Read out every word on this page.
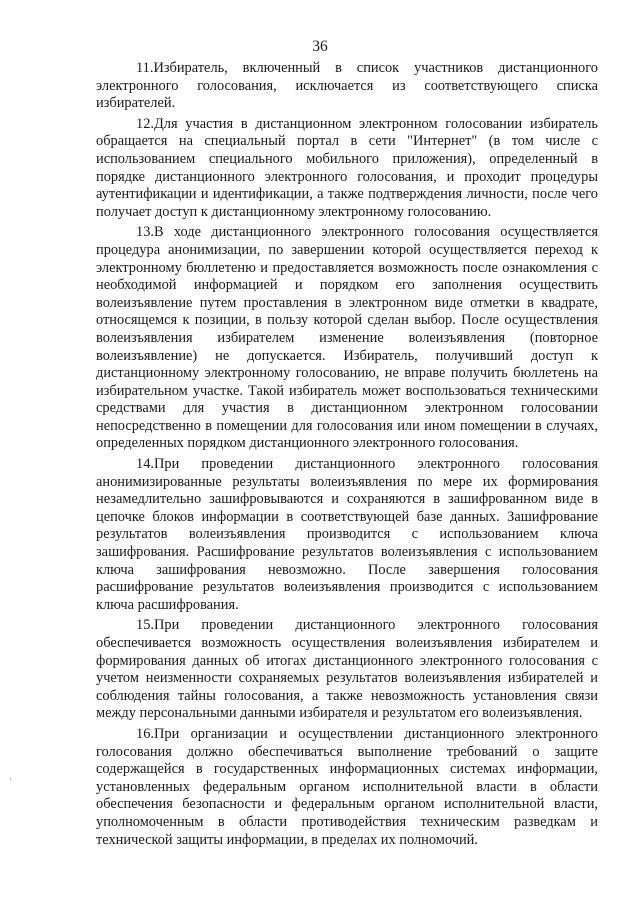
36

11.Избиратель, включенный в список участников дистанционного электронного голосования, исключается из соответствующего списка избирателей.

12.Для участия в дистанционном электронном голосовании избиратель обращается на специальный портал в сети "Интернет" (в том числе с использованием специального мобильного приложения), определенный в порядке дистанционного электронного голосования, и проходит процедуры аутентификации и идентификации, а также подтверждения личности, после чего получает доступ к дистанционному электронному голосованию.

13.В ходе дистанционного электронного голосования осуществляется процедура анонимизации, по завершении которой осуществляется переход к электронному бюллетеню и предоставляется возможность после ознакомления с необходимой информацией и порядком его заполнения осуществить волеизъявление путем проставления в электронном виде отметки в квадрате, относящемся к позиции, в пользу которой сделан выбор. После осуществления волеизъявления избирателем изменение волеизъявления (повторное волеизъявление) не допускается. Избиратель, получивший доступ к дистанционному электронному голосованию, не вправе получить бюллетень на избирательном участке. Такой избиратель может воспользоваться техническими средствами для участия в дистанционном электронном голосовании непосредственно в помещении для голосования или ином помещении в случаях, определенных порядком дистанционного электронного голосования.

14.При проведении дистанционного электронного голосования анонимизированные результаты волеизъявления по мере их формирования незамедлительно зашифровываются и сохраняются в зашифрованном виде в цепочке блоков информации в соответствующей базе данных. Зашифрование результатов волеизъявления производится с использованием ключа зашифрования. Расшифрование результатов волеизъявления с использованием ключа зашифрования невозможно. После завершения голосования расшифрование результатов волеизъявления производится с использованием ключа расшифрования.

15.При проведении дистанционного электронного голосования обеспечивается возможность осуществления волеизъявления избирателем и формирования данных об итогах дистанционного электронного голосования с учетом неизменности сохраняемых результатов волеизъявления избирателей и соблюдения тайны голосования, а также невозможность установления связи между персональными данными избирателя и результатом его волеизъявления.

16.При организации и осуществлении дистанционного электронного голосования должно обеспечиваться выполнение требований о защите содержащейся в государственных информационных системах информации, установленных федеральным органом исполнительной власти в области обеспечения безопасности и федеральным органом исполнительной власти, уполномоченным в области противодействия техническим разведкам и технической защиты информации, в пределах их полномочий.
